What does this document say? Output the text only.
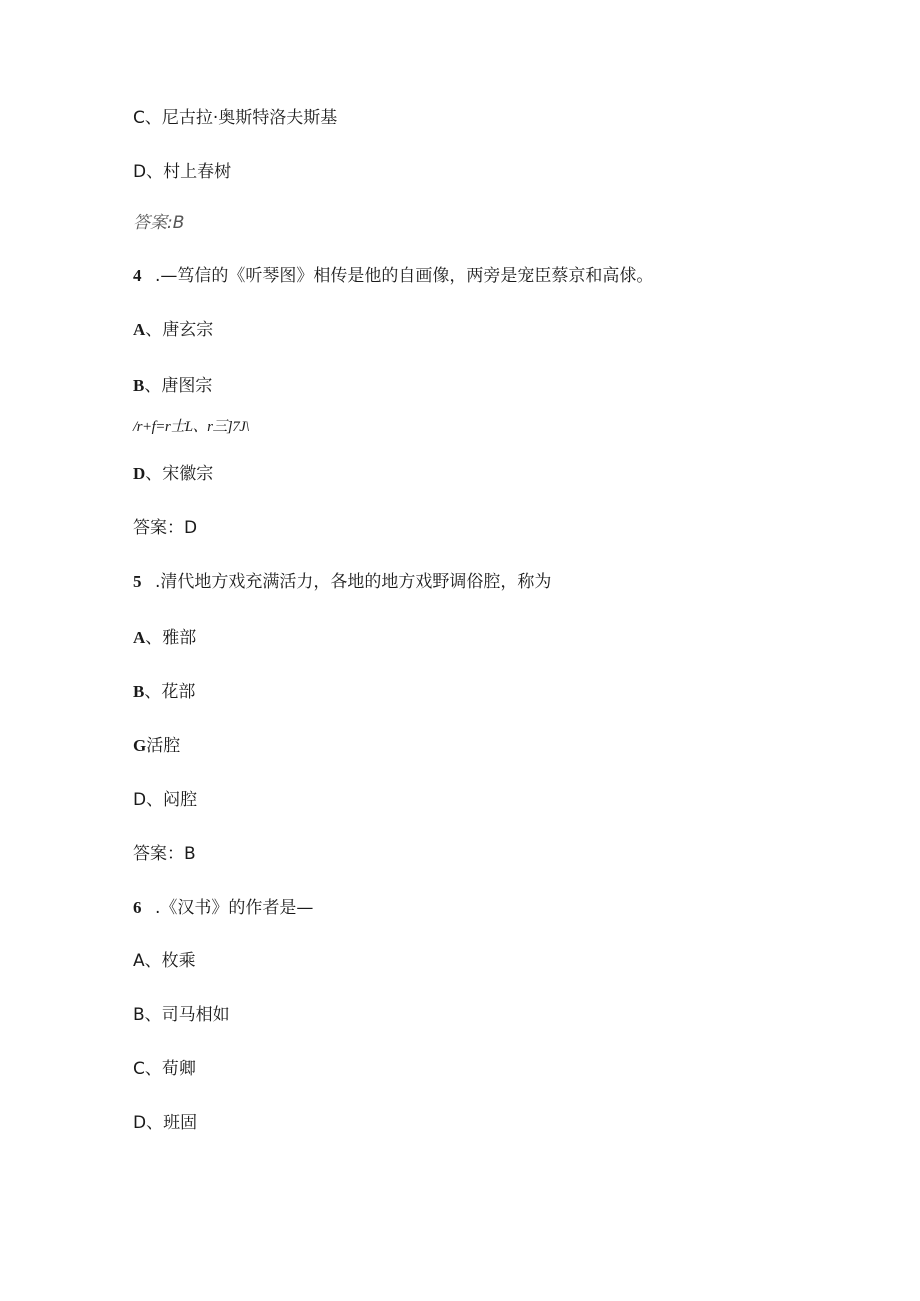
C、尼古拉·奥斯特洛夫斯基
D、村上春树
答案:B
4 .—笃信的《听琴图》相传是他的自画像，两旁是宠臣蔡京和高俅。
A、唐玄宗
B、唐图宗
/r+f=r士L、r三]7J\
D、宋徽宗
答案：D
5 .清代地方戏充满活力，各地的地方戏野调俗腔，称为
A、雅部
B、花部
G活腔
D、闷腔
答案：B
6 .《汉书》的作者是—
A、枚乘
B、司马相如
C、荀卿
D、班固
